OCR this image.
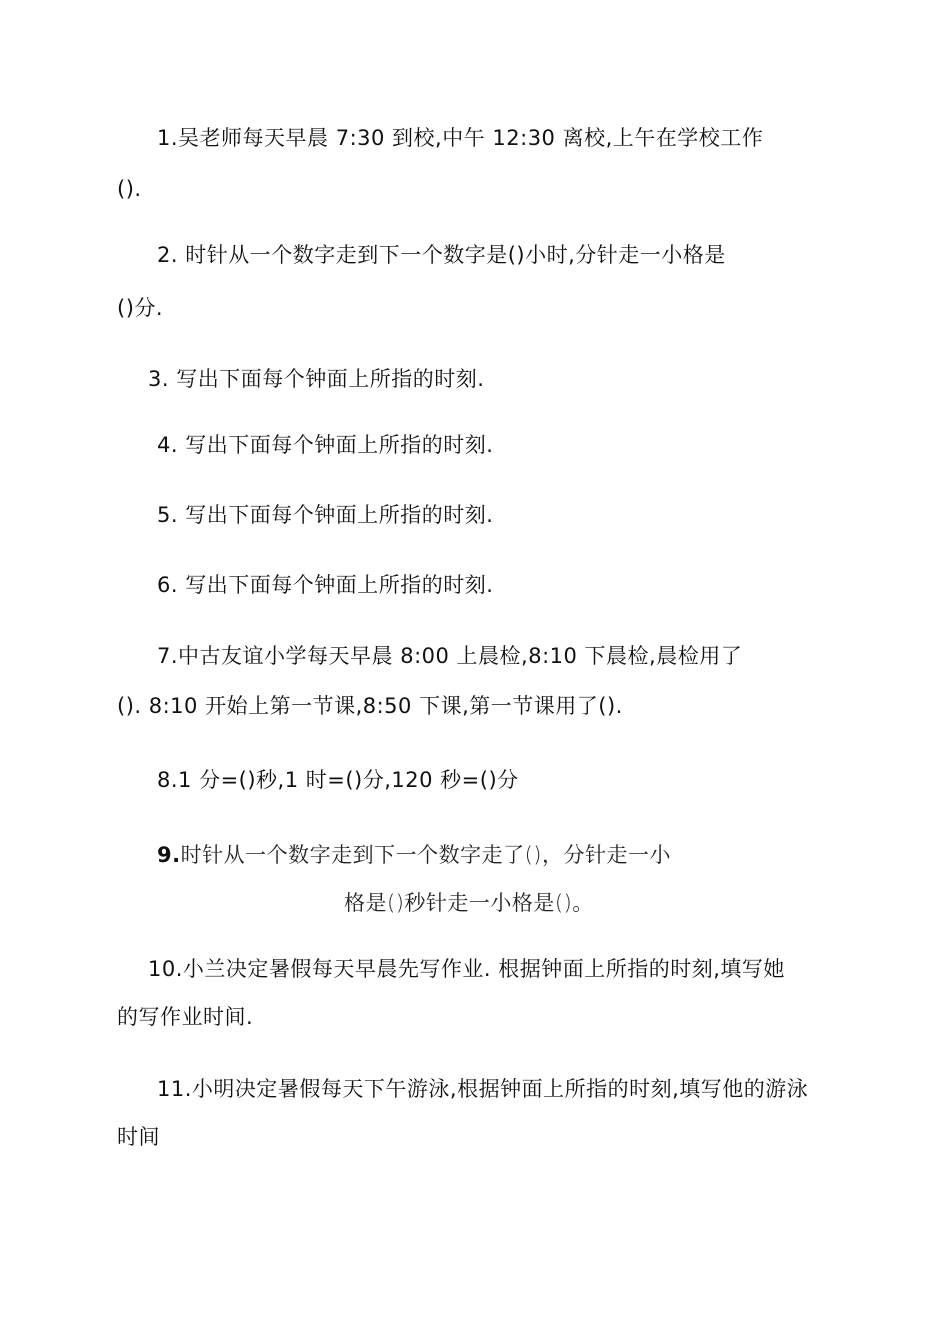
1.吴老师每天早晨 7:30 到校,中午 12:30 离校,上午在学校工作
().
2. 时针从一个数字走到下一个数字是()小时,分针走一小格是
()分.
3. 写出下面每个钟面上所指的时刻.
4. 写出下面每个钟面上所指的时刻.
5. 写出下面每个钟面上所指的时刻.
6. 写出下面每个钟面上所指的时刻.
7.中古友谊小学每天早晨 8:00 上晨检,8:10 下晨检,晨检用了
(). 8:10 开始上第一节课,8:50 下课,第一节课用了().
8.1 分=()秒,1 时=()分,120 秒=()分
9.时针从一个数字走到下一个数字走了()，分针走一小
格是()秒针走一小格是()。
10.小兰决定暑假每天早晨先写作业. 根据钟面上所指的时刻,填写她
的写作业时间.
11.小明决定暑假每天下午游泳,根据钟面上所指的时刻,填写他的游泳
时间
